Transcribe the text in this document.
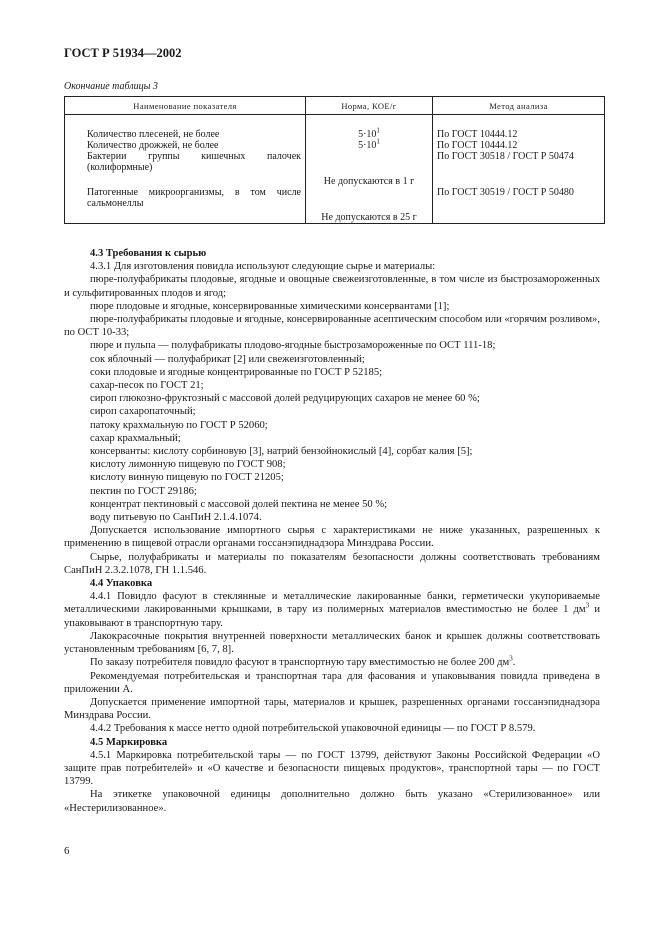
ГОСТ Р 51934—2002
Окончание таблицы 3
Наименование показателя	Норма, КОЕ/г	Метод анализа

Количество плесеней, не более	$5\cdot 10^1$	По ГОСТ 10444.12
Количество дрожжей, не более	$5\cdot 10^1$	По ГОСТ 10444.12
Бактерии группы кишечных палочек (колиформные)	Не допускаются в 1 г	По ГОСТ 30518 / ГОСТ Р 50474
Патогенные микроорганизмы, в том числе сальмонеллы	Не допускаются в 25 г	По ГОСТ 30519 / ГОСТ Р 50480

4.3 Требования к сырью

4.3.1 Для изготовления повидла используют следующие сырье и материалы:

пюре-полуфабрикаты плодовые, ягодные и овощные свежеизготовленные, в том числе из быстрозамороженных и сульфитированных плодов и ягод;

пюре плодовые и ягодные, консервированные химическими консервантами [1];

пюре-полуфабрикаты плодовые и ягодные, консервированные асептическим способом или «горячим розливом», по ОСТ 10-33;

пюре и пульпа — полуфабрикаты плодово-ягодные быстрозамороженные по ОСТ 111-18;

сок яблочный — полуфабрикат [2] или свежеизготовленный;

соки плодовые и ягодные концентрированные по ГОСТ Р 52185;

сахар-песок по ГОСТ 21;

сироп глюкозно-фруктозный с массовой долей редуцирующих сахаров не менее 60 %;

сироп сахаропаточный;

патоку крахмальную по ГОСТ Р 52060;

сахар крахмальный;

консерванты: кислоту сорбиновую [3], натрий бензойнокислый [4], сорбат калия [5];

кислоту лимонную пищевую по ГОСТ 908;

кислоту винную пищевую по ГОСТ 21205;

пектин по ГОСТ 29186;

концентрат пектиновый с массовой долей пектина не менее 50 %;

воду питьевую по СанПиН 2.1.4.1074.

Допускается использование импортного сырья с характеристиками не ниже указанных, разрешенных к применению в пищевой отрасли органами госсанэпиднадзора Минздрава России.

Сырье, полуфабрикаты и материалы по показателям безопасности должны соответствовать требованиям СанПиН 2.3.2.1078, ГН 1.1.546.

4.4 Упаковка

4.4.1 Повидло фасуют в стеклянные и металлические лакированные банки, герметически укупориваемые металлическими лакированными крышками, в тару из полимерных материалов вместимостью не более 1 $дм^3$ и упаковывают в транспортную тару.

Лакокрасочные покрытия внутренней поверхности металлических банок и крышек должны соответствовать установленным требованиям [6, 7, 8].

По заказу потребителя повидло фасуют в транспортную тару вместимостью не более 200 $дм^3$.

Рекомендуемая потребительская и транспортная тара для фасования и упаковывания повидла приведена в приложении А.

Допускается применение импортной тары, материалов и крышек, разрешенных органами госсанэпиднадзора Минздрава России.

4.4.2 Требования к массе нетто одной потребительской упаковочной единицы — по ГОСТ Р 8.579.

4.5 Маркировка

4.5.1 Маркировка потребительской тары — по ГОСТ 13799, действуют Законы Российской Федерации «О защите прав потребителей» и «О качестве и безопасности пищевых продуктов», транспортной тары — по ГОСТ 13799.

На этикетке упаковочной единицы дополнительно должно быть указано «Стерилизованное» или «Нестерилизованное».

6
